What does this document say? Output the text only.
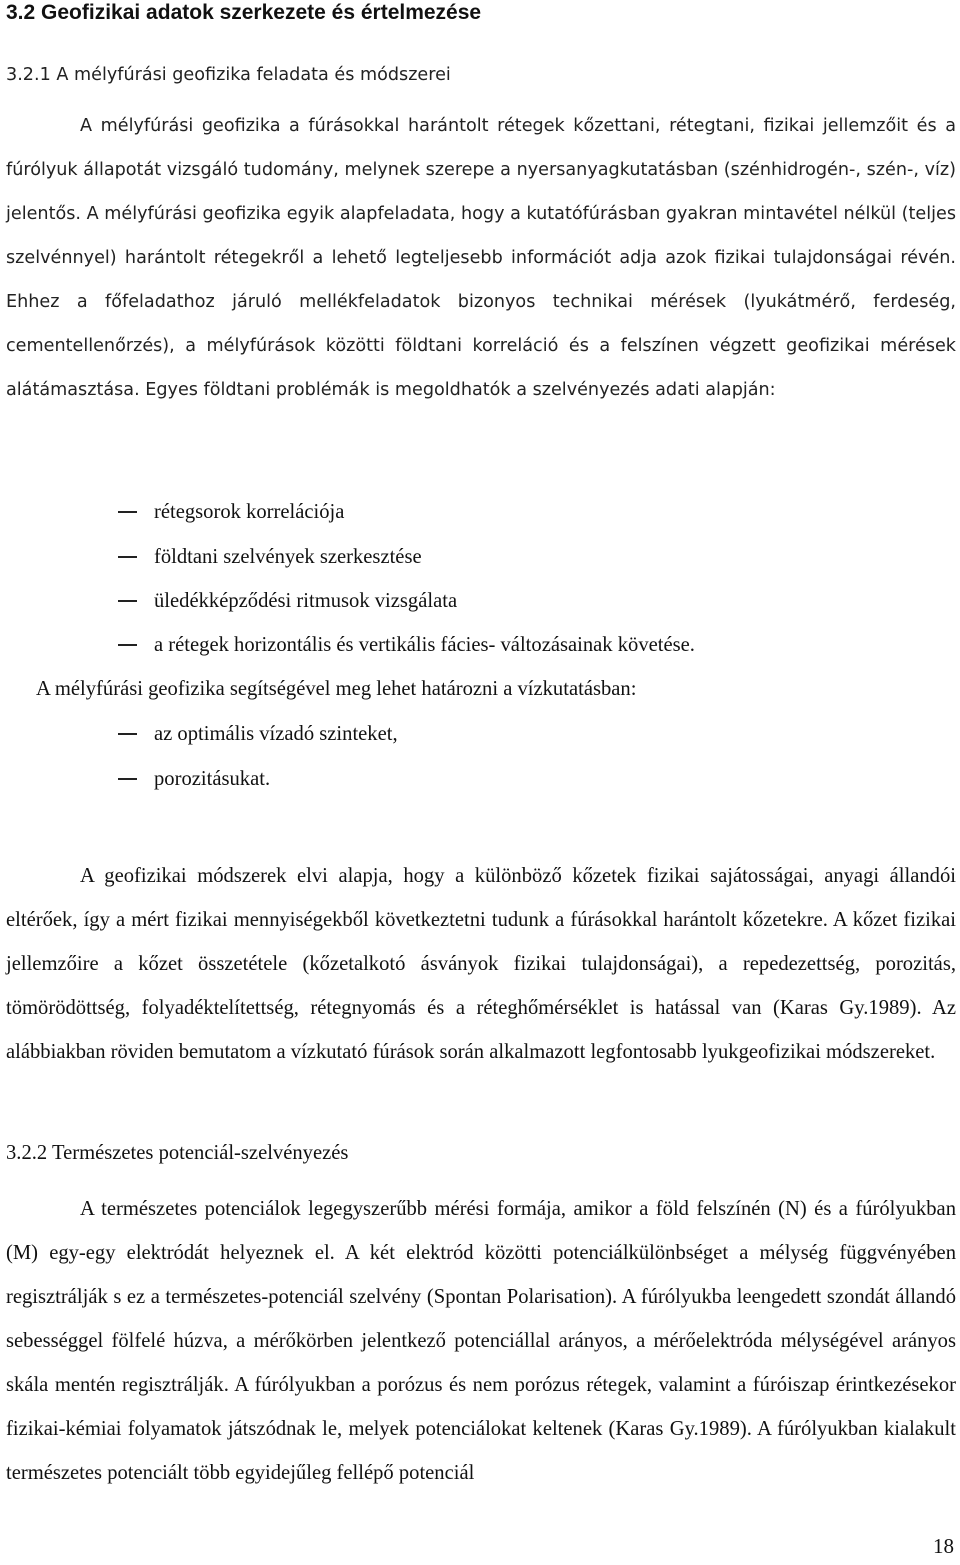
3.2 Geofizikai adatok szerkezete és értelmezése
3.2.1 A mélyfúrási geofizika feladata és módszerei
A mélyfúrási geofizika a fúrásokkal harántolt rétegek kőzettani, rétegtani, fizikai jellemzőit és a fúrólyuk állapotát vizsgáló tudomány, melynek szerepe a nyersanyagkutatásban (szénhidrogén-, szén-, víz) jelentős. A mélyfúrási geofizika egyik alapfeladata, hogy a kutatófúrásban gyakran mintavétel nélkül (teljes szelvénnyel) harántolt rétegekről a lehető legteljesebb információt adja azok fizikai tulajdonságai révén. Ehhez a főfeladathoz járuló mellékfeladatok bizonyos technikai mérések (lyukátmérő, ferdeség, cementellenőrzés), a mélyfúrások közötti földtani korreláció és a felszínen végzett geofizikai mérések alátámasztása. Egyes földtani problémák is megoldhatók a szelvényezés adati alapján:
rétegsorok korrelációja
földtani szelvények szerkesztése
üledékképződési ritmusok vizsgálata
a rétegek horizontális és vertikális fácies- változásainak követése.
A mélyfúrási geofizika segítségével meg lehet határozni a vízkutatásban:
az optimális vízadó szinteket,
porozitásukat.
A geofizikai módszerek elvi alapja, hogy a különböző kőzetek fizikai sajátosságai, anyagi állandói eltérőek, így a mért fizikai mennyiségekből következtetni tudunk a fúrásokkal harántolt kőzetekre. A kőzet fizikai jellemzőire a kőzet összetétele (kőzetalkotó ásványok fizikai tulajdonságai), a repedezettség, porozitás, tömörödöttség, folyadéktelítettség, rétegnyomás és a réteghőmérséklet is hatással van (Karas Gy.1989). Az alábbiakban röviden bemutatom a vízkutató fúrások során alkalmazott legfontosabb lyukgeofizikai módszereket.
3.2.2 Természetes potenciál-szelvényezés
A természetes potenciálok legegyszerűbb mérési formája, amikor a föld felszínén (N) és a fúrólyukban (M) egy-egy elektródát helyeznek el. A két elektród közötti potenciálkülönbséget a mélység függvényében regisztrálják s ez a természetes-potenciál szelvény (Spontan Polarisation). A fúrólyukba leengedett szondát állandó sebességgel fölfelé húzva, a mérőkörben jelentkező potenciállal arányos, a mérőelektróda mélységével arányos skála mentén regisztrálják. A fúrólyukban a porózus és nem porózus rétegek, valamint a fúróiszap érintkezésekor fizikai-kémiai folyamatok játszódnak le, melyek potenciálokat keltenek (Karas Gy.1989). A fúrólyukban kialakult természetes potenciált több egyidejűleg fellépő potenciál
18
